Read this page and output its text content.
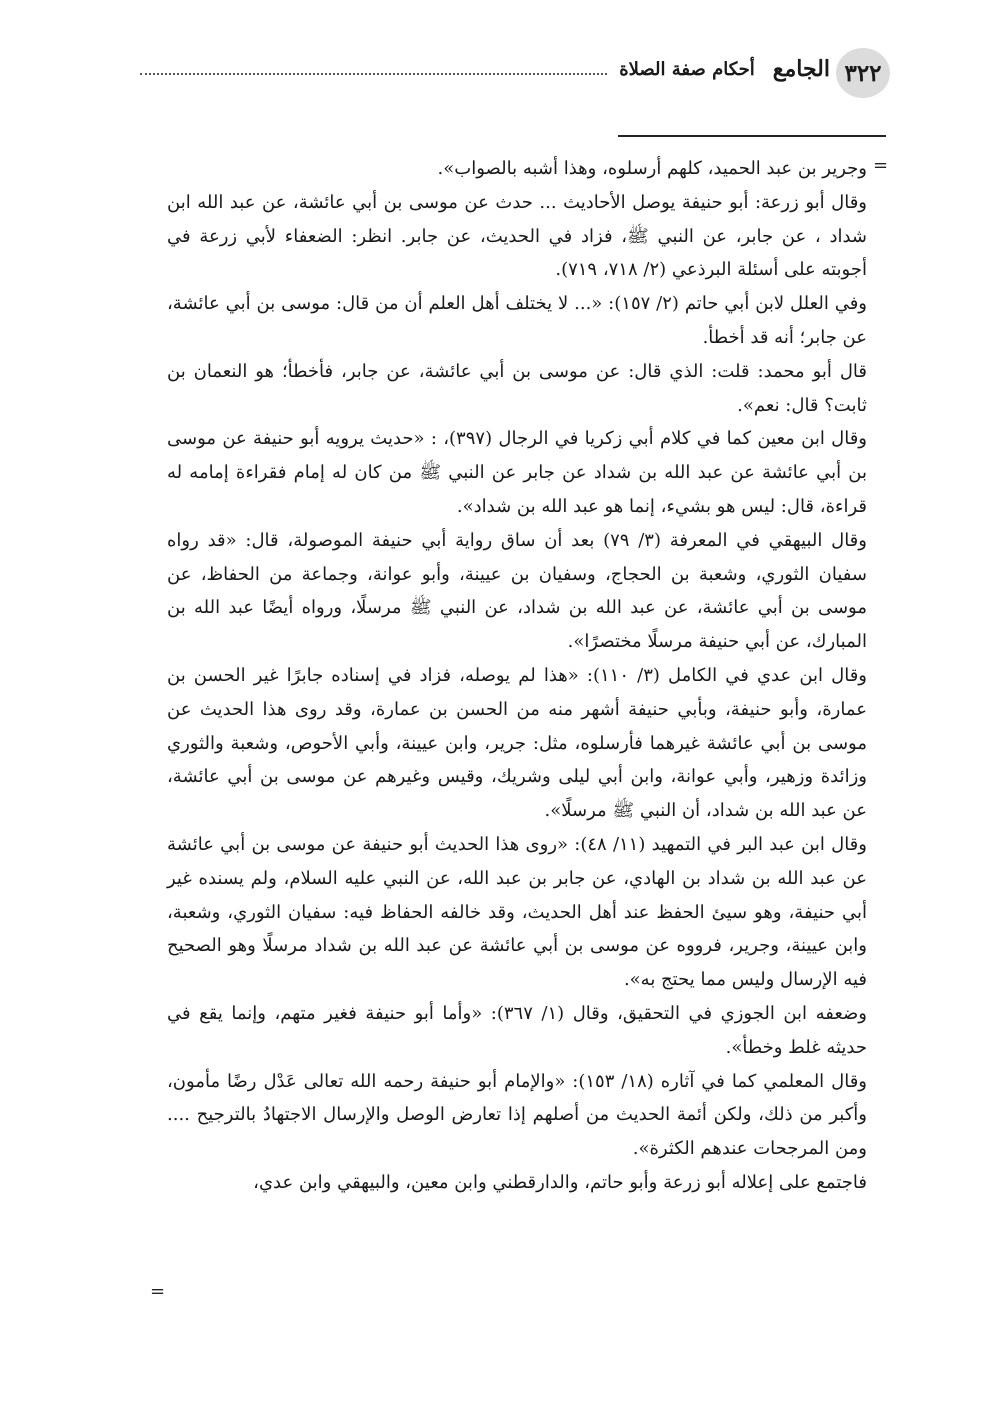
٣٢٢
الجامع
أحكام صفة الصلاة
=

وجرير بن عبد الحميد، كلهم أرسلوه، وهذا أشبه بالصواب».

وقال أبو زرعة: أبو حنيفة يوصل الأحاديث ... حدث عن موسى بن أبي عائشة، عن عبد الله ابن شداد ، عن جابر، عن النبي ﷺ، فزاد في الحديث، عن جابر. انظر: الضعفاء لأبي زرعة في أجوبته على أسئلة البرذعي (٢/ ٧١٨، ٧١٩).

وفي العلل لابن أبي حاتم (٢/ ١٥٧): «... لا يختلف أهل العلم أن من قال: موسى بن أبي عائشة، عن جابر؛ أنه قد أخطأ.

قال أبو محمد: قلت: الذي قال: عن موسى بن أبي عائشة، عن جابر، فأخطأ؛ هو النعمان بن ثابت؟ قال: نعم».

وقال ابن معين كما في كلام أبي زكريا في الرجال (٣٩٧)، : «حديث يرويه أبو حنيفة عن موسى بن أبي عائشة عن عبد الله بن شداد عن جابر عن النبي ﷺ من كان له إمام فقراءة إمامه له قراءة، قال: ليس هو بشيء، إنما هو عبد الله بن شداد».

وقال البيهقي في المعرفة (٣/ ٧٩) بعد أن ساق رواية أبي حنيفة الموصولة، قال: «قد رواه سفيان الثوري، وشعبة بن الحجاج، وسفيان بن عيينة، وأبو عوانة، وجماعة من الحفاظ، عن موسى بن أبي عائشة، عن عبد الله بن شداد، عن النبي ﷺ مرسلًا، ورواه أيضًا عبد الله بن المبارك، عن أبي حنيفة مرسلًا مختصرًا».

وقال ابن عدي في الكامل (٣/ ١١٠): «هذا لم يوصله، فزاد في إسناده جابرًا غير الحسن بن عمارة، وأبو حنيفة، وبأبي حنيفة أشهر منه من الحسن بن عمارة، وقد روى هذا الحديث عن موسى بن أبي عائشة غيرهما فأرسلوه، مثل: جرير، وابن عيينة، وأبي الأحوص، وشعبة والثوري وزائدة وزهير، وأبي عوانة، وابن أبي ليلى وشريك، وقيس وغيرهم عن موسى بن أبي عائشة، عن عبد الله بن شداد، أن النبي ﷺ مرسلًا».

وقال ابن عبد البر في التمهيد (١١/ ٤٨): «روى هذا الحديث أبو حنيفة عن موسى بن أبي عائشة عن عبد الله بن شداد بن الهادي، عن جابر بن عبد الله، عن النبي عليه السلام، ولم يسنده غير أبي حنيفة، وهو سيئ الحفظ عند أهل الحديث، وقد خالفه الحفاظ فيه: سفيان الثوري، وشعبة، وابن عيينة، وجرير، فرووه عن موسى بن أبي عائشة عن عبد الله بن شداد مرسلًا وهو الصحيح فيه الإرسال وليس مما يحتج به».

وضعفه ابن الجوزي في التحقيق، وقال (١/ ٣٦٧): «وأما أبو حنيفة فغير متهم، وإنما يقع في حديثه غلط وخطأ».

وقال المعلمي كما في آثاره (١٨/ ١٥٣): «والإمام أبو حنيفة رحمه الله تعالى عَدْل رضًا مأمون، وأكبر من ذلك، ولكن أئمة الحديث من أصلهم إذا تعارض الوصل والإرسال الاجتهادُ بالترجيح .... ومن المرجحات عندهم الكثرة».

فاجتمع على إعلاله أبو زرعة وأبو حاتم، والدارقطني وابن معين، والبيهقي وابن عدي،

=
